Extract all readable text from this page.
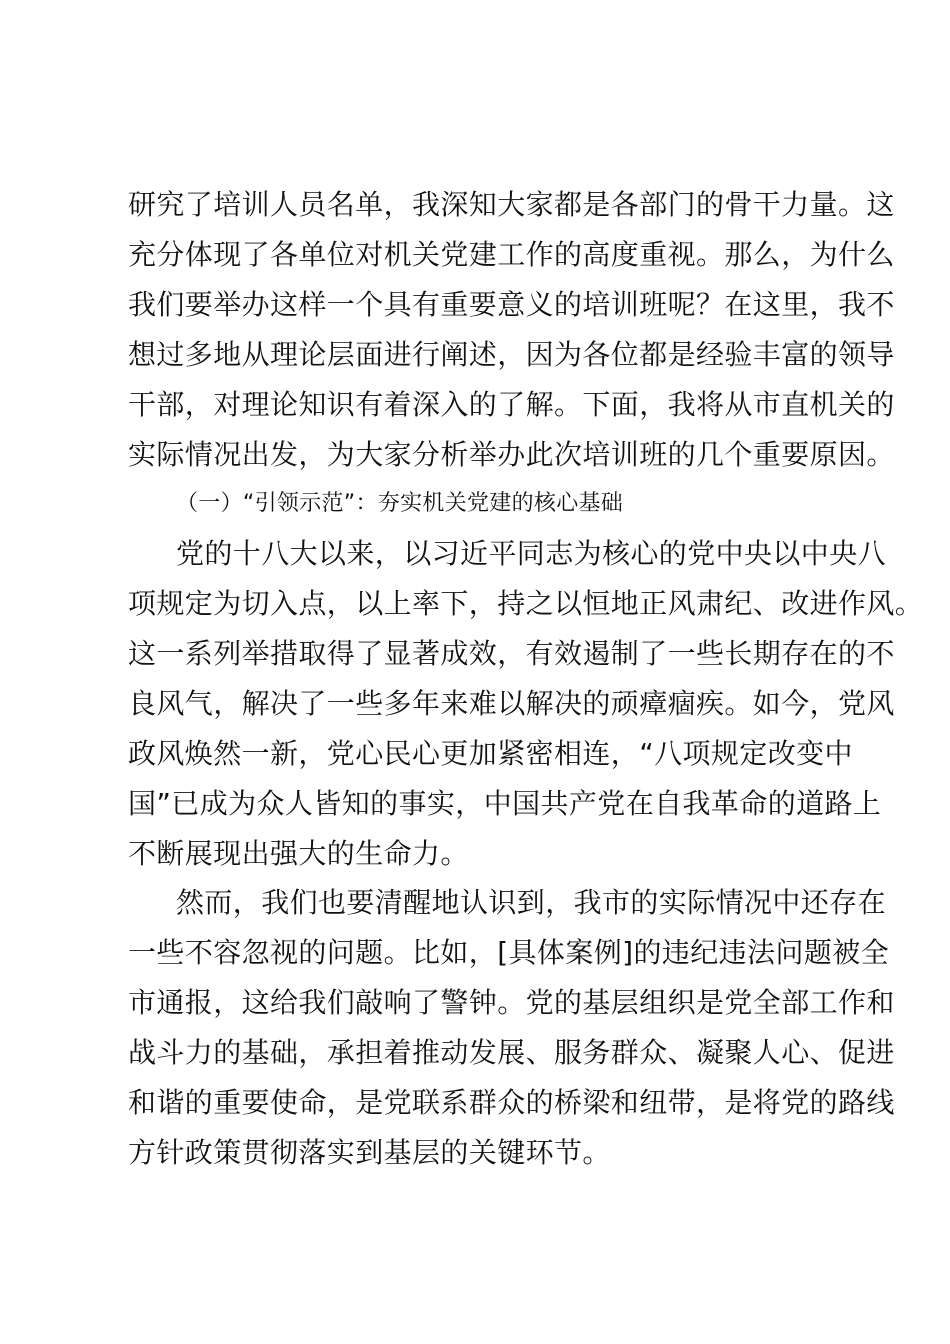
研究了培训人员名单，我深知大家都是各部门的骨干力量。这
充分体现了各单位对机关党建工作的高度重视。那么，为什么
我们要举办这样一个具有重要意义的培训班呢？在这里，我不
想过多地从理论层面进行阐述，因为各位都是经验丰富的领导
干部，对理论知识有着深入的了解。下面，我将从市直机关的
实际情况出发，为大家分析举办此次培训班的几个重要原因。
（一）“引领示范”：夯实机关党建的核心基础
党的十八大以来，以习近平同志为核心的党中央以中央八
项规定为切入点，以上率下，持之以恒地正风肃纪、改进作风。
这一系列举措取得了显著成效，有效遏制了一些长期存在的不
良风气，解决了一些多年来难以解决的顽瘴痼疾。如今，党风
政风焕然一新，党心民心更加紧密相连，“八项规定改变中
国”已成为众人皆知的事实，中国共产党在自我革命的道路上
不断展现出强大的生命力。
然而，我们也要清醒地认识到，我市的实际情况中还存在
一些不容忽视的问题。比如，[具体案例]的违纪违法问题被全
市通报，这给我们敲响了警钟。党的基层组织是党全部工作和
战斗力的基础，承担着推动发展、服务群众、凝聚人心、促进
和谐的重要使命，是党联系群众的桥梁和纽带，是将党的路线
方针政策贯彻落实到基层的关键环节。
